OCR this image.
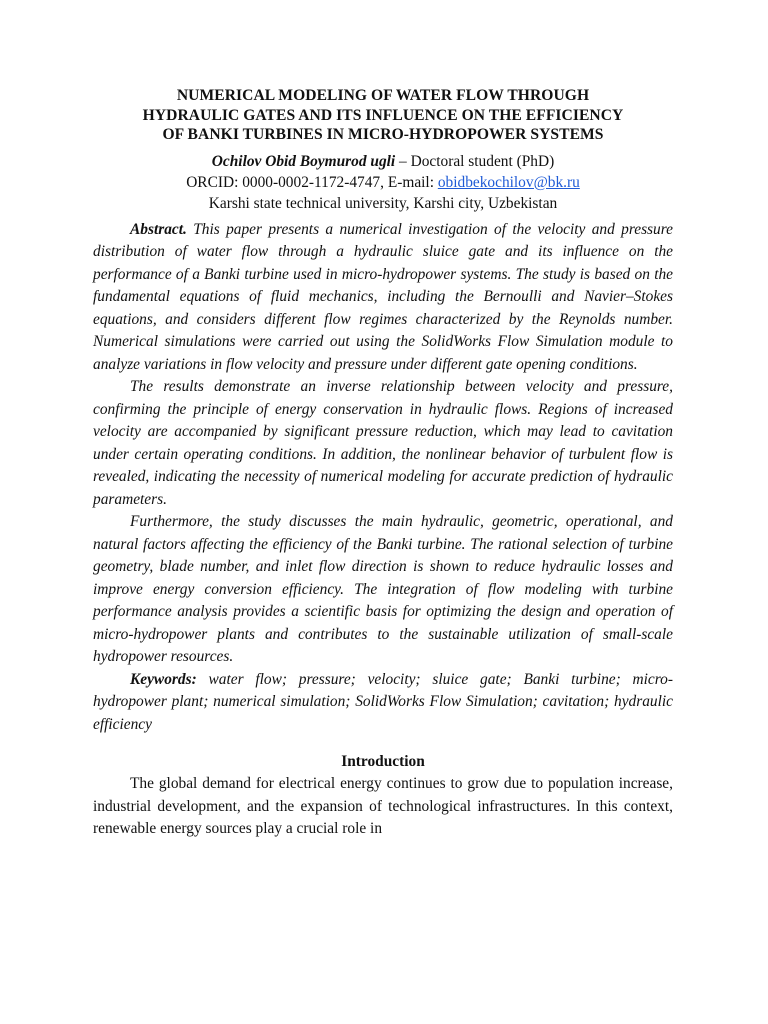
NUMERICAL MODELING OF WATER FLOW THROUGH

HYDRAULIC GATES AND ITS INFLUENCE ON THE EFFICIENCY

OF BANKI TURBINES IN MICRO-HYDROPOWER SYSTEMS

Ochilov Obid Boymurod ugli – Doctoral student (PhD)
ORCID: 0000-0002-1172-4747, E-mail: obidbekochilov@bk.ru
Karshi state technical university, Karshi city, Uzbekistan

Abstract. This paper presents a numerical investigation of the velocity and pressure distribution of water flow through a hydraulic sluice gate and its influence on the performance of a Banki turbine used in micro-hydropower systems. The study is based on the fundamental equations of fluid mechanics, including the Bernoulli and Navier–Stokes equations, and considers different flow regimes characterized by the Reynolds number. Numerical simulations were carried out using the SolidWorks Flow Simulation module to analyze variations in flow velocity and pressure under different gate opening conditions.

The results demonstrate an inverse relationship between velocity and pressure, confirming the principle of energy conservation in hydraulic flows. Regions of increased velocity are accompanied by significant pressure reduction, which may lead to cavitation under certain operating conditions. In addition, the nonlinear behavior of turbulent flow is revealed, indicating the necessity of numerical modeling for accurate prediction of hydraulic parameters.

Furthermore, the study discusses the main hydraulic, geometric, operational, and natural factors affecting the efficiency of the Banki turbine. The rational selection of turbine geometry, blade number, and inlet flow direction is shown to reduce hydraulic losses and improve energy conversion efficiency. The integration of flow modeling with turbine performance analysis provides a scientific basis for optimizing the design and operation of micro-hydropower plants and contributes to the sustainable utilization of small-scale hydropower resources.

Keywords: water flow; pressure; velocity; sluice gate; Banki turbine; micro-hydropower plant; numerical simulation; SolidWorks Flow Simulation; cavitation; hydraulic efficiency

Introduction

The global demand for electrical energy continues to grow due to population increase, industrial development, and the expansion of technological infrastructures. In this context, renewable energy sources play a crucial role in
